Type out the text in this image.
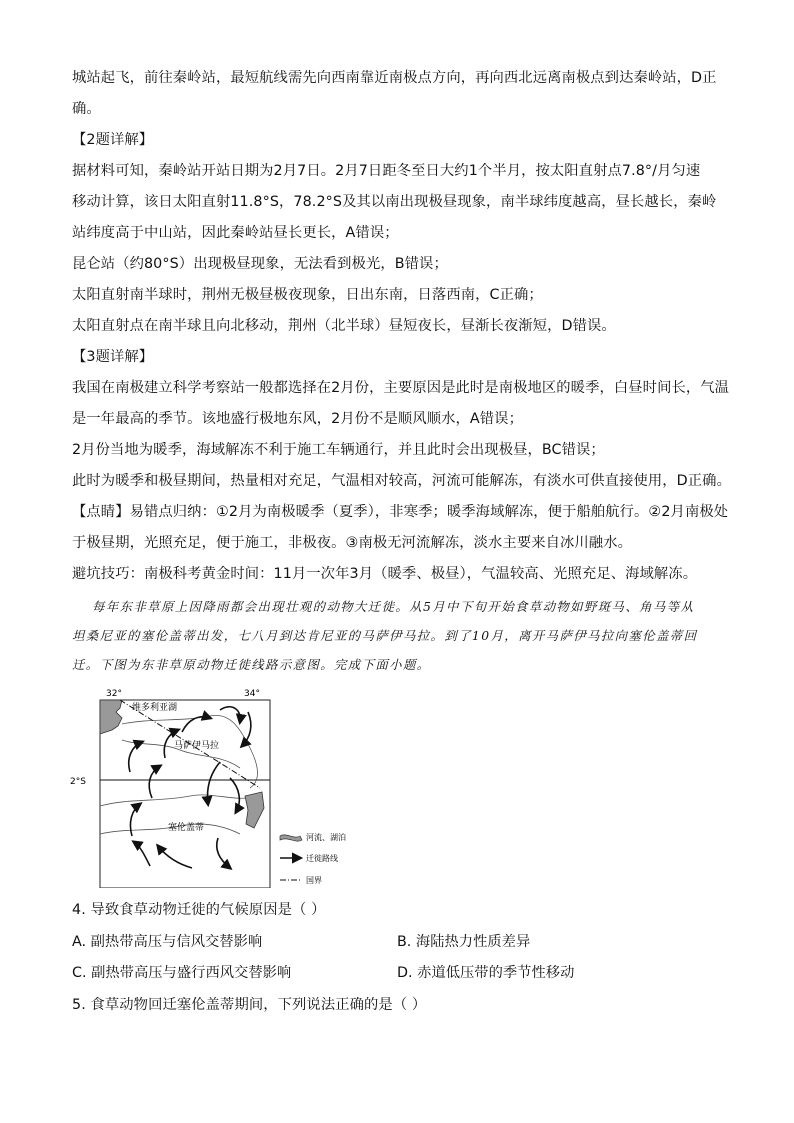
城站起飞，前往秦岭站，最短航线需先向西南靠近南极点方向，再向西北远离南极点到达秦岭站，D正
确。
【2题详解】
据材料可知，秦岭站开站日期为2月7日。2月7日距冬至日大约1个半月，按太阳直射点7.8°/月匀速
移动计算，该日太阳直射11.8°S，78.2°S及其以南出现极昼现象，南半球纬度越高，昼长越长，秦岭
站纬度高于中山站，因此秦岭站昼长更长，A错误；
昆仑站（约80°S）出现极昼现象，无法看到极光，B错误；
太阳直射南半球时，荆州无极昼极夜现象，日出东南，日落西南，C正确；
太阳直射点在南半球且向北移动，荆州（北半球）昼短夜长，昼渐长夜渐短，D错误。
【3题详解】
我国在南极建立科学考察站一般都选择在2月份，主要原因是此时是南极地区的暖季，白昼时间长，气温
是一年最高的季节。该地盛行极地东风，2月份不是顺风顺水，A错误；
2月份当地为暖季，海域解冻不利于施工车辆通行，并且此时会出现极昼，BC错误；
此时为暖季和极昼期间，热量相对充足，气温相对较高，河流可能解冻，有淡水可供直接使用，D正确。
【点睛】易错点归纳：①2月为南极暖季（夏季），非寒季；暖季海域解冻，便于船舶航行。②2月南极处
于极昼期，光照充足，便于施工，非极夜。③南极无河流解冻，淡水主要来自冰川融水。
避坑技巧：南极科考黄金时间：11月一次年3月（暖季、极昼），气温较高、光照充足、海域解冻。
每年东非草原上因降雨都会出现壮观的动物大迁徙。从5月中下旬开始食草动物如野斑马、角马等从
坦桑尼亚的塞伦盖蒂出发，七八月到达肯尼亚的马萨伊马拉。到了10月，离开马萨伊马拉向塞伦盖蒂回
迁。下图为东非草原动物迁徙线路示意图。完成下面小题。
32°	34°
2°S
维多利亚湖
马萨伊马拉
塞伦盖蒂
河流、湖泊
迁徙路线
国界
4. 导致食草动物迁徙的气候原因是（ ）
A. 副热带高压与信风交替影响	B. 海陆热力性质差异
C. 副热带高压与盛行西风交替影响	D. 赤道低压带的季节性移动
5. 食草动物回迁塞伦盖蒂期间，下列说法正确的是（ ）
